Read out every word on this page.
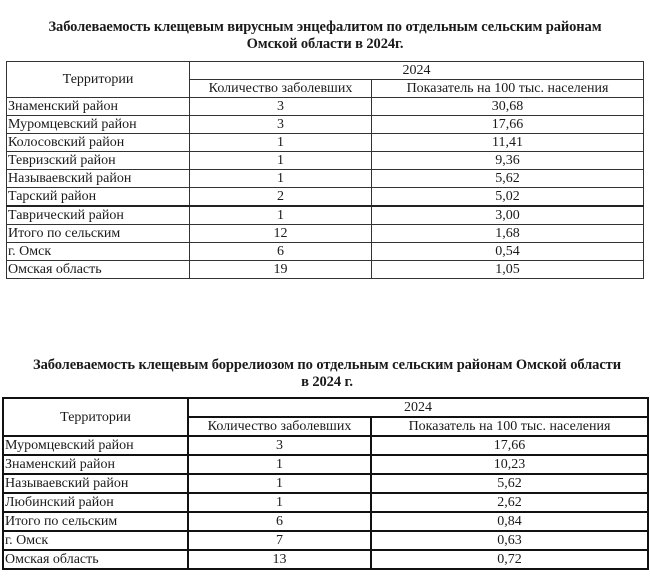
Заболеваемость клещевым вирусным энцефалитом по отдельным сельским районам
Омской области в 2024г.
Территории	2024	
	Количество заболевших	Показатель на 100 тыс. населения
Знаменский район	3	30,68
Муромцевский район	3	17,66
Колосовский район	1	11,41
Тевризский район	1	9,36
Называевский район	1	5,62
Тарский район	2	5,02
Таврический район	1	3,00
Итого по сельским	12	1,68
г. Омск	6	0,54
Омская область	19	1,05
Заболеваемость клещевым боррелиозом по отдельным сельским районам Омской области
в 2024 г.
Территории	2024	
	Количество заболевших	Показатель на 100 тыс. населения
Муромцевский район	3	17,66
Знаменский район	1	10,23
Называевский район	1	5,62
Любинский район	1	2,62
Итого по сельским	6	0,84
г. Омск	7	0,63
Омская область	13	0,72
